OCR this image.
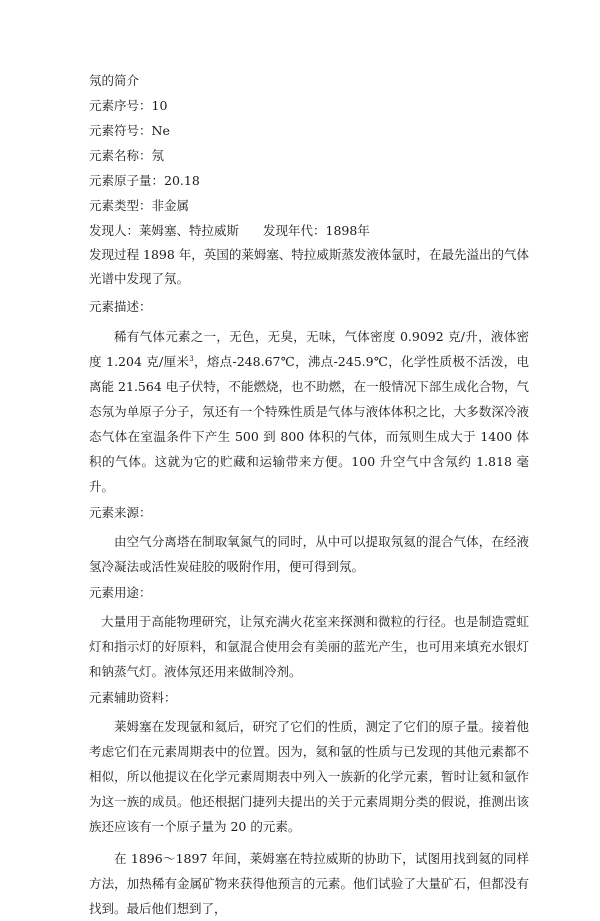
氖的简介
元素序号：10
元素符号：Ne
元素名称：氖
元素原子量：20.18
元素类型：非金属
发现人：莱姆塞、特拉威斯 发现年代：1898年

发现过程 1898 年，英国的莱姆塞、特拉威斯蒸发液体氩时，在最先溢出的气体光谱中发现了氖。

元素描述：

稀有气体元素之一，无色，无臭，无味，气体密度 0.9092 克/升，液体密度 1.204 克/厘米$^3$，熔点-248.67℃，沸点-245.9℃，化学性质极不活泼，电离能 21.564 电子伏特，不能燃烧，也不助燃，在一般情况下部生成化合物，气态氖为单原子分子，氖还有一个特殊性质是气体与液体体积之比，大多数深冷液态气体在室温条件下产生 500 到 800 体积的气体，而氖则生成大于 1400 体积的气体。这就为它的贮藏和运输带来方便。100 升空气中含氖约 1.818 毫升。

元素来源：

由空气分离塔在制取氧氮气的同时，从中可以提取氖氦的混合气体，在经液氢冷凝法或活性炭硅胶的吸附作用，便可得到氖。

元素用途：

大量用于高能物理研究，让氖充满火花室来探测和微粒的行径。也是制造霓虹灯和指示灯的好原料，和氩混合使用会有美丽的蓝光产生，也可用来填充水银灯和钠蒸气灯。液体氖还用来做制冷剂。

元素辅助资料：

莱姆塞在发现氩和氦后，研究了它们的性质，测定了它们的原子量。接着他考虑它们在元素周期表中的位置。因为，氦和氩的性质与已发现的其他元素都不相似，所以他提议在化学元素周期表中列入一族新的化学元素，暂时让氦和氩作为这一族的成员。他还根据门捷列夫提出的关于元素周期分类的假说，推测出该族还应该有一个原子量为 20 的元素。

在 1896～1897 年间，莱姆塞在特拉威斯的协助下，试图用找到氦的同样方法，加热稀有金属矿物来获得他预言的元素。他们试验了大量矿石，但都没有找到。最后他们想到了，
